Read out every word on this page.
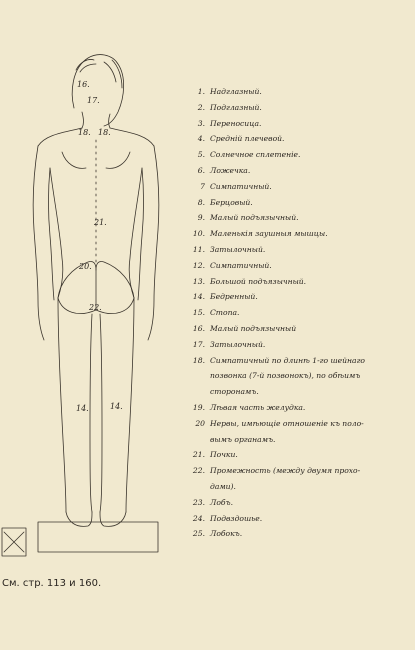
16.
17.
18. 18.
21.
20.
22.
14.	14.
1. Надглазный.
2. Подглазный.
3. Переносица.
4. Средній плечевой.
5. Солнечное сплетеніе.
6. Ложечка.
7 Симпатичный.
8. Берцовый.
9. Малый подъязычный.
10. Маленькія заушныя мышцы.
11. Затылочный.
12. Симпатичный.
13. Большой подъязычный.
14. Бедренный.
15. Стопа.
16. Малый подъязычный
17. Затылочный.
18. Симпатичный по длинѣ 1-го шейнаго
позвонка (7-й позвонокъ), по обѣимъ
сторонамъ.
19. Лѣвая часть желудка.
20 Нервы, имѣющіе отношеніе къ поло-
вымъ органамъ.
21. Почки.
22. Промежность (между двумя прохо-
дами).
23. Лобъ.
24. Подвздошье.
25. Лобокъ.
См. стр. 113 и 160.
